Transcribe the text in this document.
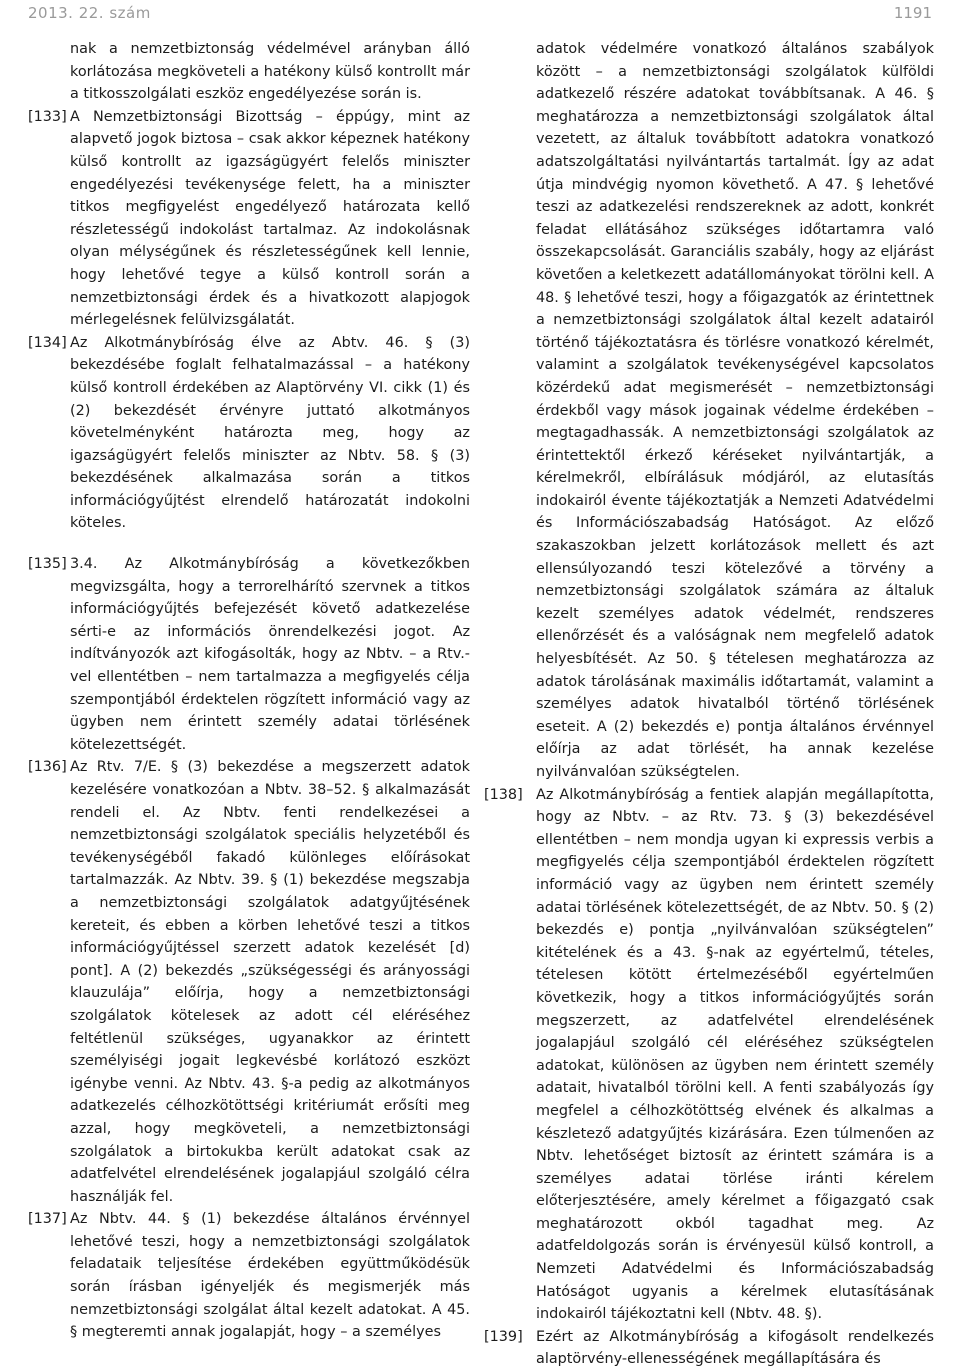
2013. 22. szám	1191

nak a nemzetbiztonság védelmével arányban álló korlátozása megköveteli a hatékony külső kontrollt már a titkosszolgálati eszköz engedélyezése során is.

[133] A Nemzetbiztonsági Bizottság – éppúgy, mint az alapvető jogok biztosa – csak akkor képeznek hatékony külső kontrollt az igazságügyért felelős miniszter engedélyezési tevékenysége felett, ha a miniszter titkos megfigyelést engedélyező határozata kellő részletességű indokolást tartalmaz. Az indokolásnak olyan mélységűnek és részletességűnek kell lennie, hogy lehetővé tegye a külső kontroll során a nemzetbiztonsági érdek és a hivatkozott alapjogok mérlegelésnek felülvizsgálatát.

[134] Az Alkotmánybíróság élve az Abtv. 46. § (3) bekezdésébe foglalt felhatalmazással – a hatékony külső kontroll érdekében az Alaptörvény VI. cikk (1) és (2) bekezdését érvényre juttató alkotmányos követelményként határozta meg, hogy az igazságügyért felelős miniszter az Nbtv. 58. § (3) bekezdésének alkalmazása során a titkos információgyűjtést elrendelő határozatát indokolni köteles.

[135] 3.4. Az Alkotmánybíróság a következőkben megvizsgálta, hogy a terrorelhárító szervnek a titkos információgyűjtés befejezését követő adatkezelése sérti-e az információs önrendelkezési jogot. Az indítványozók azt kifogásolták, hogy az Nbtv. – a Rtv.-vel ellentétben – nem tartalmazza a megfigyelés célja szempontjából érdektelen rögzített információ vagy az ügyben nem érintett személy adatai törlésének kötelezettségét.

[136] Az Rtv. 7/E. § (3) bekezdése a megszerzett adatok kezelésére vonatkozóan a Nbtv. 38–52. § alkalmazását rendeli el. Az Nbtv. fenti rendelkezései a nemzetbiztonsági szolgálatok speciális helyzetéből és tevékenységéből fakadó különleges előírásokat tartalmazzák. Az Nbtv. 39. § (1) bekezdése megszabja a nemzetbiztonsági szolgálatok adatgyűjtésének kereteit, és ebben a körben lehetővé teszi a titkos információgyűjtéssel szerzett adatok kezelését [d) pont]. A (2) bekezdés „szükségességi és arányossági klauzulája” előírja, hogy a nemzetbiztonsági szolgálatok kötelesek az adott cél eléréséhez feltétlenül szükséges, ugyanakkor az érintett személyiségi jogait legkevésbé korlátozó eszközt igénybe venni. Az Nbtv. 43. §-a pedig az alkotmányos adatkezelés célhozkötöttségi kritériumát erősíti meg azzal, hogy megköveteli, a nemzetbiztonsági szolgálatok a birtokukba került adatokat csak az adatfelvétel elrendelésének jogalapjául szolgáló célra használják fel.

[137] Az Nbtv. 44. § (1) bekezdése általános érvénnyel lehetővé teszi, hogy a nemzetbiztonsági szolgálatok feladataik teljesítése érdekében együttműködésük során írásban igényeljék és megismerjék más nemzetbiztonsági szolgálat által kezelt adatokat. A 45. § megteremti annak jogalapját, hogy – a személyes

adatok védelmére vonatkozó általános szabályok között – a nemzetbiztonsági szolgálatok külföldi adatkezelő részére adatokat továbbítsanak. A 46. § meghatározza a nemzetbiztonsági szolgálatok által vezetett, az általuk továbbított adatokra vonatkozó adatszolgáltatási nyilvántartás tartalmát. Így az adat útja mindvégig nyomon követhető. A 47. § lehetővé teszi az adatkezelési rendszereknek az adott, konkrét feladat ellátásához szükséges időtartamra való összekapcsolását. Garanciális szabály, hogy az eljárást követően a keletkezett adatállományokat törölni kell. A 48. § lehetővé teszi, hogy a főigazgatók az érintettnek a nemzetbiztonsági szolgálatok által kezelt adatairól történő tájékoztatásra és törlésre vonatkozó kérelmét, valamint a szolgálatok tevékenységével kapcsolatos közérdekű adat megismerését – nemzetbiztonsági érdekből vagy mások jogainak védelme érdekében – megtagadhassák. A nemzetbiztonsági szolgálatok az érintettektől érkező kéréseket nyilvántartják, a kérelmekről, elbírálásuk módjáról, az elutasítás indokairól évente tájékoztatják a Nemzeti Adatvédelmi és Információszabadság Hatóságot. Az előző szakaszokban jelzett korlátozások mellett és azt ellensúlyozandó teszi kötelezővé a törvény a nemzetbiztonsági szolgálatok számára az általuk kezelt személyes adatok védelmét, rendszeres ellenőrzését és a valóságnak nem megfelelő adatok helyesbítését. Az 50. § tételesen meghatározza az adatok tárolásának maximális időtartamát, valamint a személyes adatok hivatalból történő törlésének eseteit. A (2) bekezdés e) pontja általános érvénnyel előírja az adat törlését, ha annak kezelése nyilvánvalóan szükségtelen.

[138] Az Alkotmánybíróság a fentiek alapján megállapította, hogy az Nbtv. – az Rtv. 73. § (3) bekezdésével ellentétben – nem mondja ugyan ki expressis verbis a megfigyelés célja szempontjából érdektelen rögzített információ vagy az ügyben nem érintett személy adatai törlésének kötelezettségét, de az Nbtv. 50. § (2) bekezdés e) pontja „nyilvánvalóan szükségtelen” kitételének és a 43. §-nak az egyértelmű, tételes, tételesen kötött értelmezéséből egyértelműen következik, hogy a titkos információgyűjtés során megszerzett, az adatfelvétel elrendelésének jogalapjául szolgáló cél eléréséhez szükségtelen adatokat, különösen az ügyben nem érintett személy adatait, hivatalból törölni kell. A fenti szabályozás így megfelel a célhozkötöttség elvének és alkalmas a készletező adatgyűjtés kizárására. Ezen túlmenően az Nbtv. lehetőséget biztosít az érintett számára is a személyes adatai törlése iránti kérelem előterjesztésére, amely kérelmet a főigazgató csak meghatározott okból tagadhat meg. Az adatfeldolgozás során is érvényesül külső kontroll, a Nemzeti Adatvédelmi és Információszabadság Hatóságot ugyanis a kérelmek elutasításának indokairól tájékoztatni kell (Nbtv. 48. §).

[139] Ezért az Alkotmánybíróság a kifogásolt rendelkezés alaptörvény-ellenességének megállapítására és
